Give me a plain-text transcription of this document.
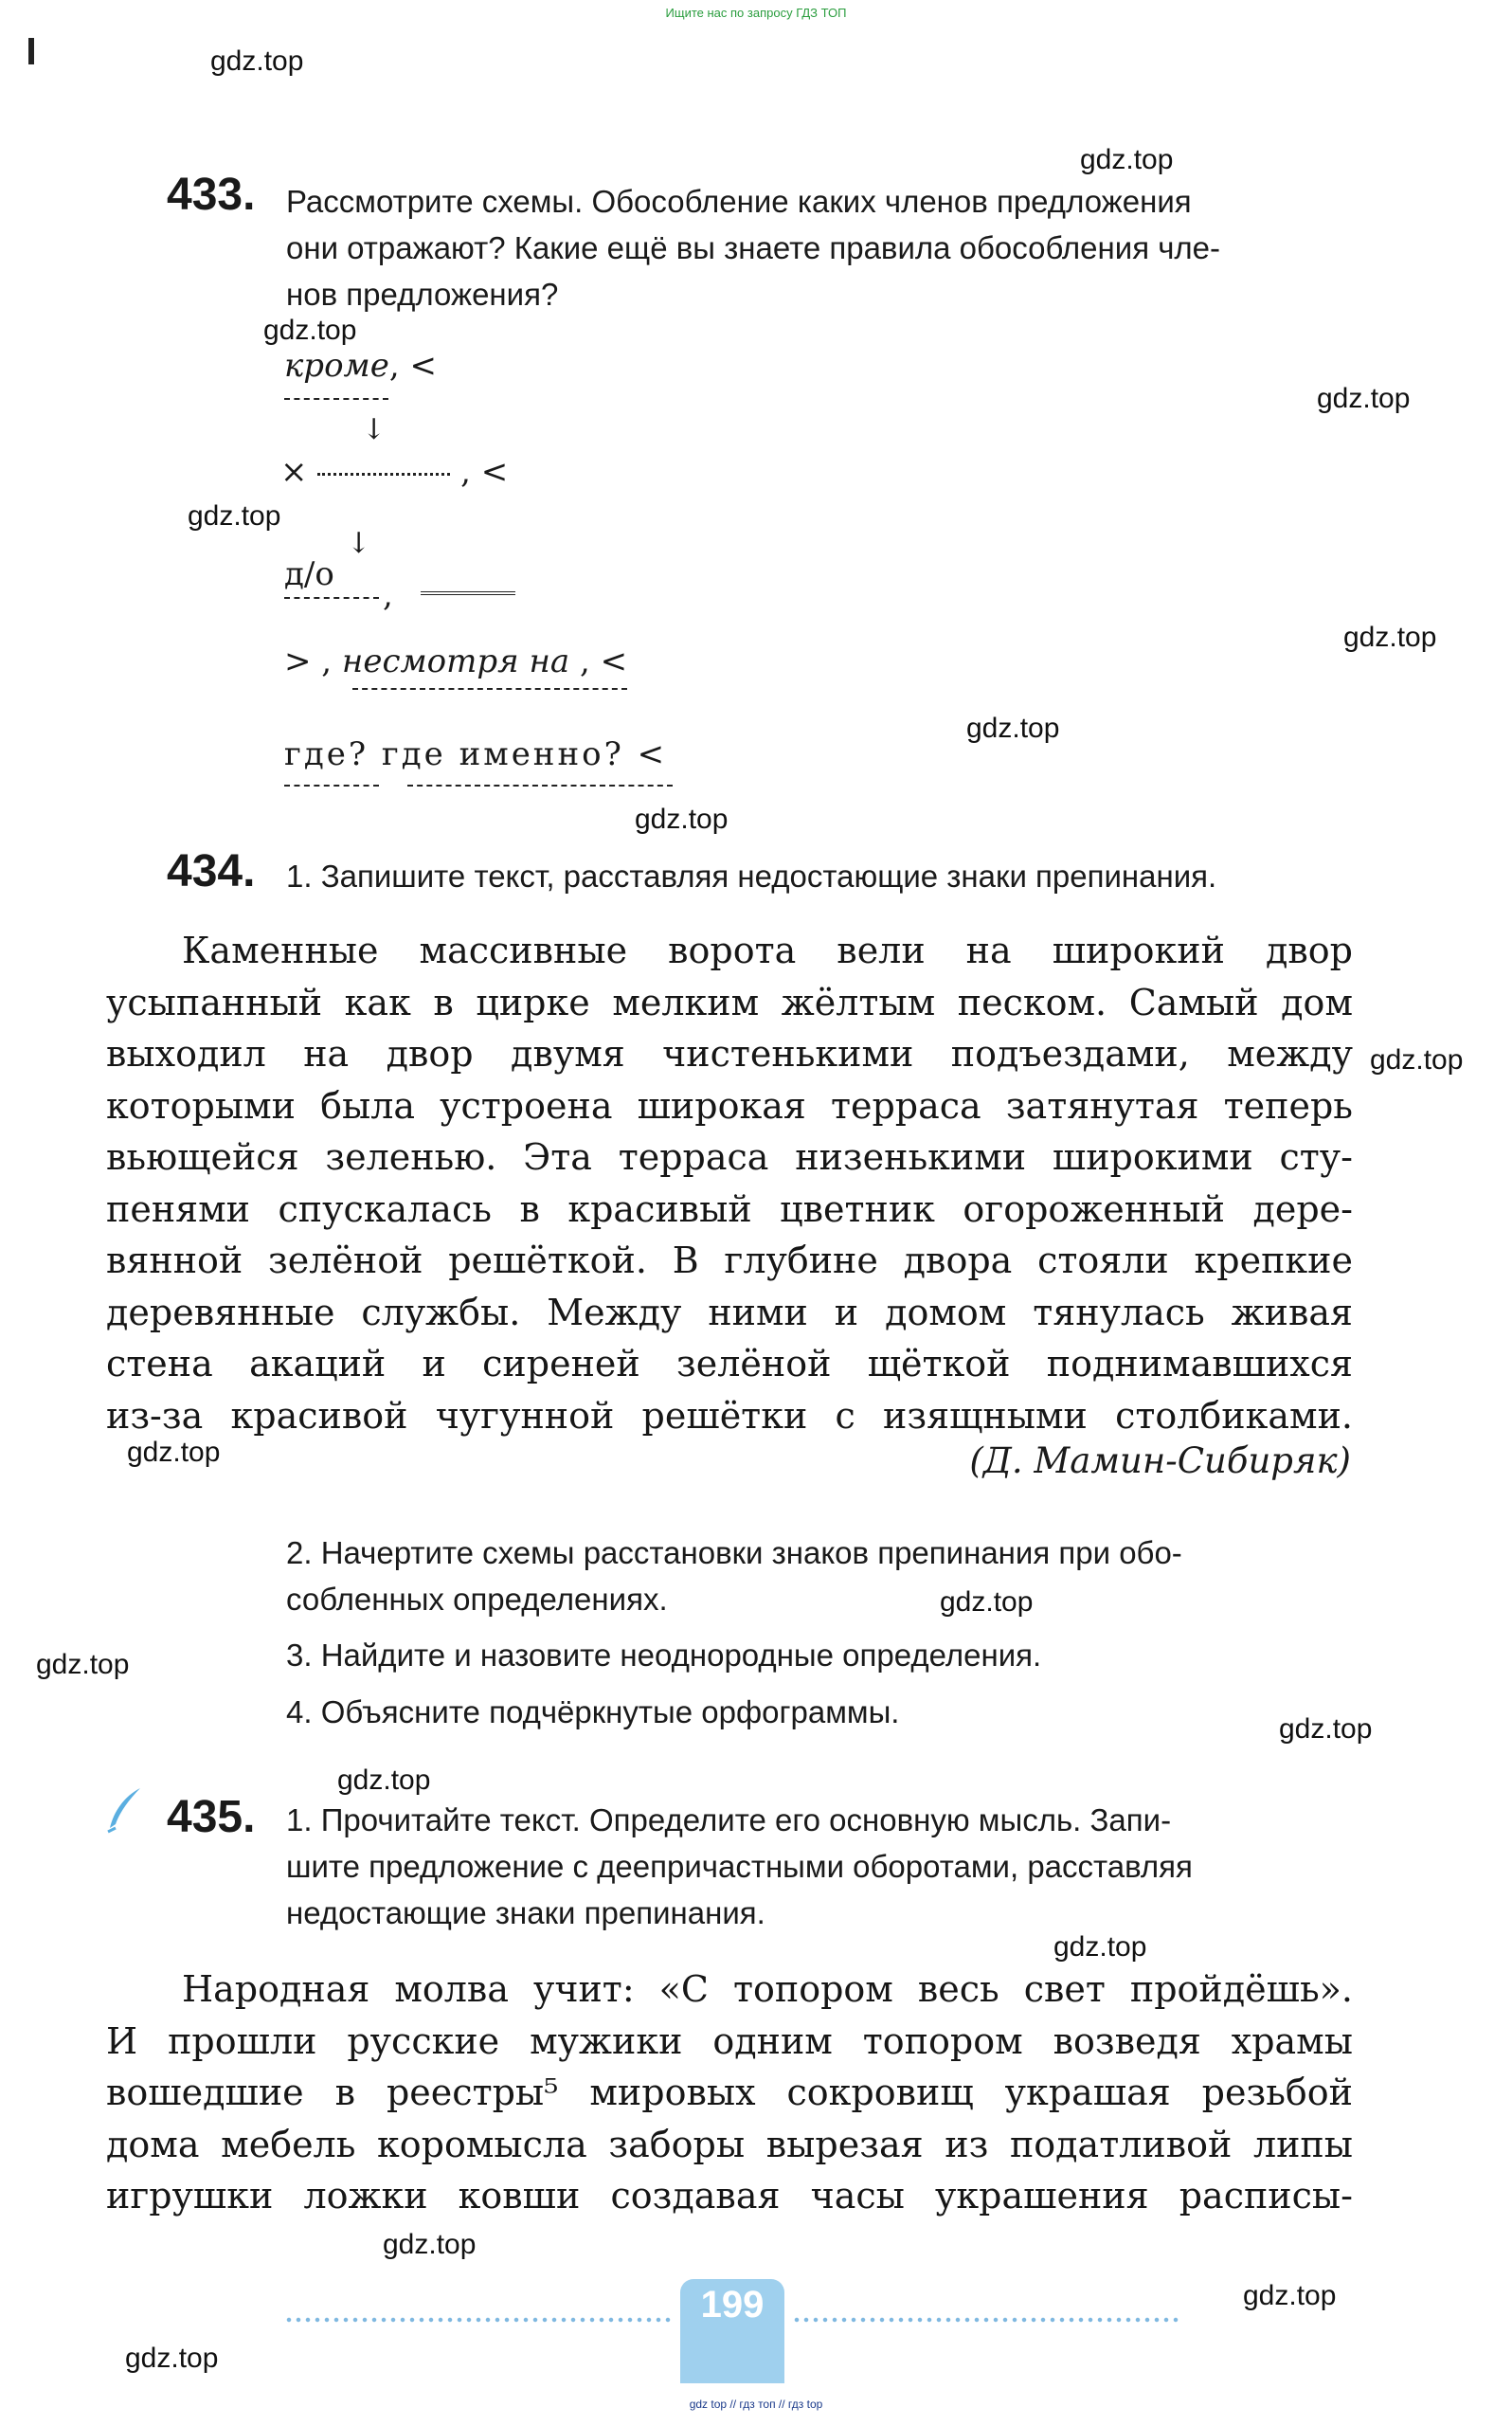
Ищите нас по запросу ГДЗ ТОП
gdz.top
gdz.top
gdz.top
gdz.top
gdz.top
gdz.top
gdz.top
gdz.top
gdz.top
gdz.top
gdz.top
gdz.top
gdz.top
gdz.top
gdz.top
gdz.top
gdz.top
gdz.top
433. Рассмотрите схемы. Обособление каких членов предложения
они отражают? Какие ещё вы знаете правила обособления чле-
нов предложения?
кроме, <
↓
×	, <
↓
д/о
,
> , несмотря на , <
где? где именно? <
434. 1. Запишите текст, расставляя недостающие знаки препинания.
Каменные массивные ворота вели на широкий двор
усыпанный как в цирке мелким жёлтым песком. Самый дом
выходил на двор двумя чистенькими подъездами, между
которыми была устроена широкая терраса затянутая теперь
вьющейся зеленью. Эта терраса низенькими широкими сту-
пенями спускалась в красивый цветник огороженный дере-
вянной зелёной решёткой. В глубине двора стояли крепкие
деревянные службы. Между ними и домом тянулась живая
стена акаций и сиреней зелёной щёткой поднимавшихся
из-за красивой чугунной решётки с изящными столбиками.
(Д. Мамин-Сибиряк)
2. Начертите схемы расстановки знаков препинания при обо-
собленных определениях.
3. Найдите и назовите неоднородные определения.
4. Объясните подчёркнутые орфограммы.
435. 1. Прочитайте текст. Определите его основную мысль. Запи-
шите предложение с деепричастными оборотами, расставляя
недостающие знаки препинания.
Народная молва учит: «С топором весь свет пройдёшь».
И прошли русские мужики одним топором возведя храмы
вошедшие в реестры⁵ мировых сокровищ украшая резьбой
дома мебель коромысла заборы вырезая из податливой липы
игрушки ложки ковши создавая часы украшения расписы-
199
gdz top // гдз топ // гдз top
